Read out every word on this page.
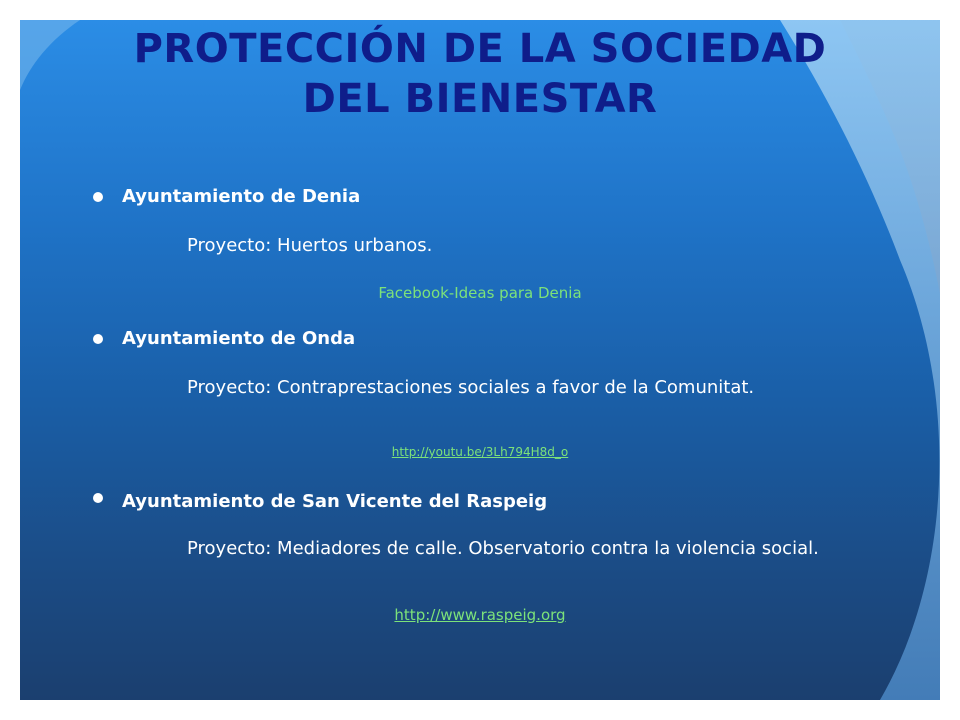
PROTECCIÓN DE LA SOCIEDAD
DEL BIENESTAR
Ayuntamiento de Denia
Proyecto: Huertos urbanos.
Facebook-Ideas para Denia
Ayuntamiento de Onda
Proyecto: Contraprestaciones sociales a favor de la Comunitat.
http://youtu.be/3Lh794H8d_o
Ayuntamiento de San Vicente del Raspeig
Proyecto: Mediadores de calle. Observatorio contra la violencia social.
http://www.raspeig.org
